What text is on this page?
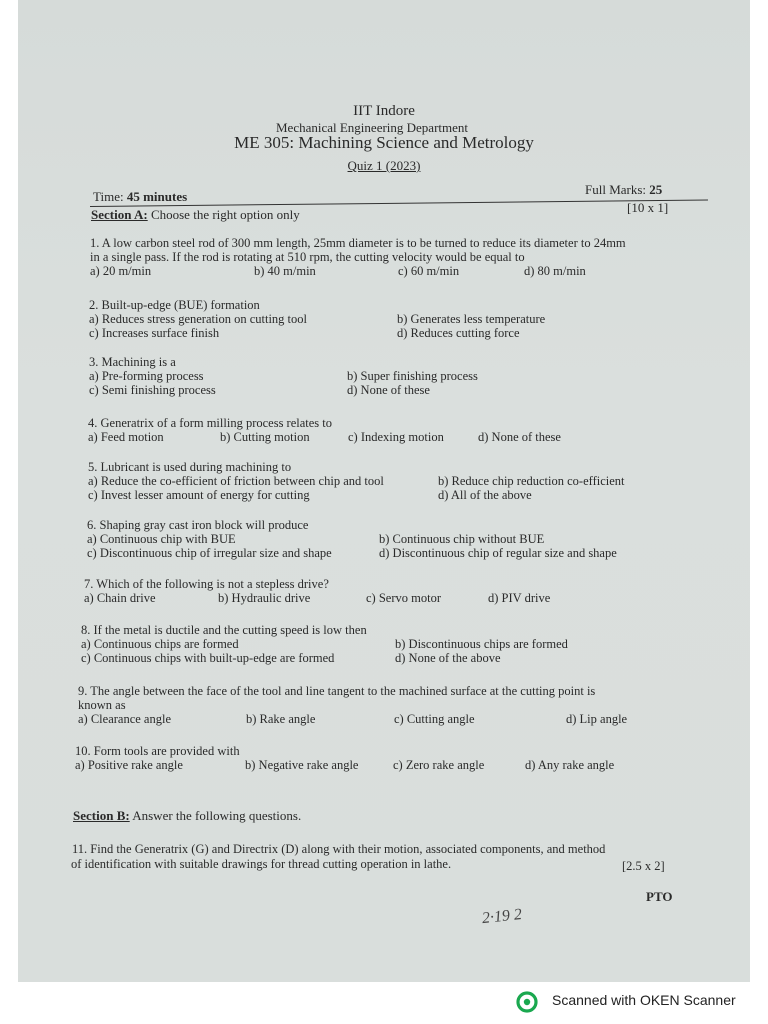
IIT Indore
Mechanical Engineering Department
ME 305: Machining Science and Metrology
Quiz 1 (2023)
Time: 45 minutes	Full Marks: 25
Section A: Choose the right option only	[10 x 1]
1. A low carbon steel rod of 300 mm length, 25mm diameter is to be turned to reduce its diameter to 24mm
in a single pass. If the rod is rotating at 510 rpm, the cutting velocity would be equal to
a) 20 m/min	b) 40 m/min	c) 60 m/min	d) 80 m/min
2. Built-up-edge (BUE) formation
a) Reduces stress generation on cutting tool	b) Generates less temperature
c) Increases surface finish	d) Reduces cutting force
3. Machining is a
a) Pre-forming process	b) Super finishing process
c) Semi finishing process	d) None of these
4. Generatrix of a form milling process relates to
a) Feed motion	b) Cutting motion	c) Indexing motion	d) None of these
5. Lubricant is used during machining to
a) Reduce the co-efficient of friction between chip and tool	b) Reduce chip reduction co-efficient
c) Invest lesser amount of energy for cutting	d) All of the above
6. Shaping gray cast iron block will produce
a) Continuous chip with BUE	b) Continuous chip without BUE
c) Discontinuous chip of irregular size and shape	d) Discontinuous chip of regular size and shape
7. Which of the following is not a stepless drive?
a) Chain drive	b) Hydraulic drive	c) Servo motor	d) PIV drive
8. If the metal is ductile and the cutting speed is low then
a) Continuous chips are formed	b) Discontinuous chips are formed
c) Continuous chips with built-up-edge are formed	d) None of the above
9. The angle between the face of the tool and line tangent to the machined surface at the cutting point is
known as
a) Clearance angle	b) Rake angle	c) Cutting angle	d) Lip angle
10. Form tools are provided with
a) Positive rake angle	b) Negative rake angle	c) Zero rake angle	d) Any rake angle
Section B: Answer the following questions.
11. Find the Generatrix (G) and Directrix (D) along with their motion, associated components, and method
of identification with suitable drawings for thread cutting operation in lathe.	[2.5 x 2]
PTO
2·19 2
Scanned with OKEN Scanner
